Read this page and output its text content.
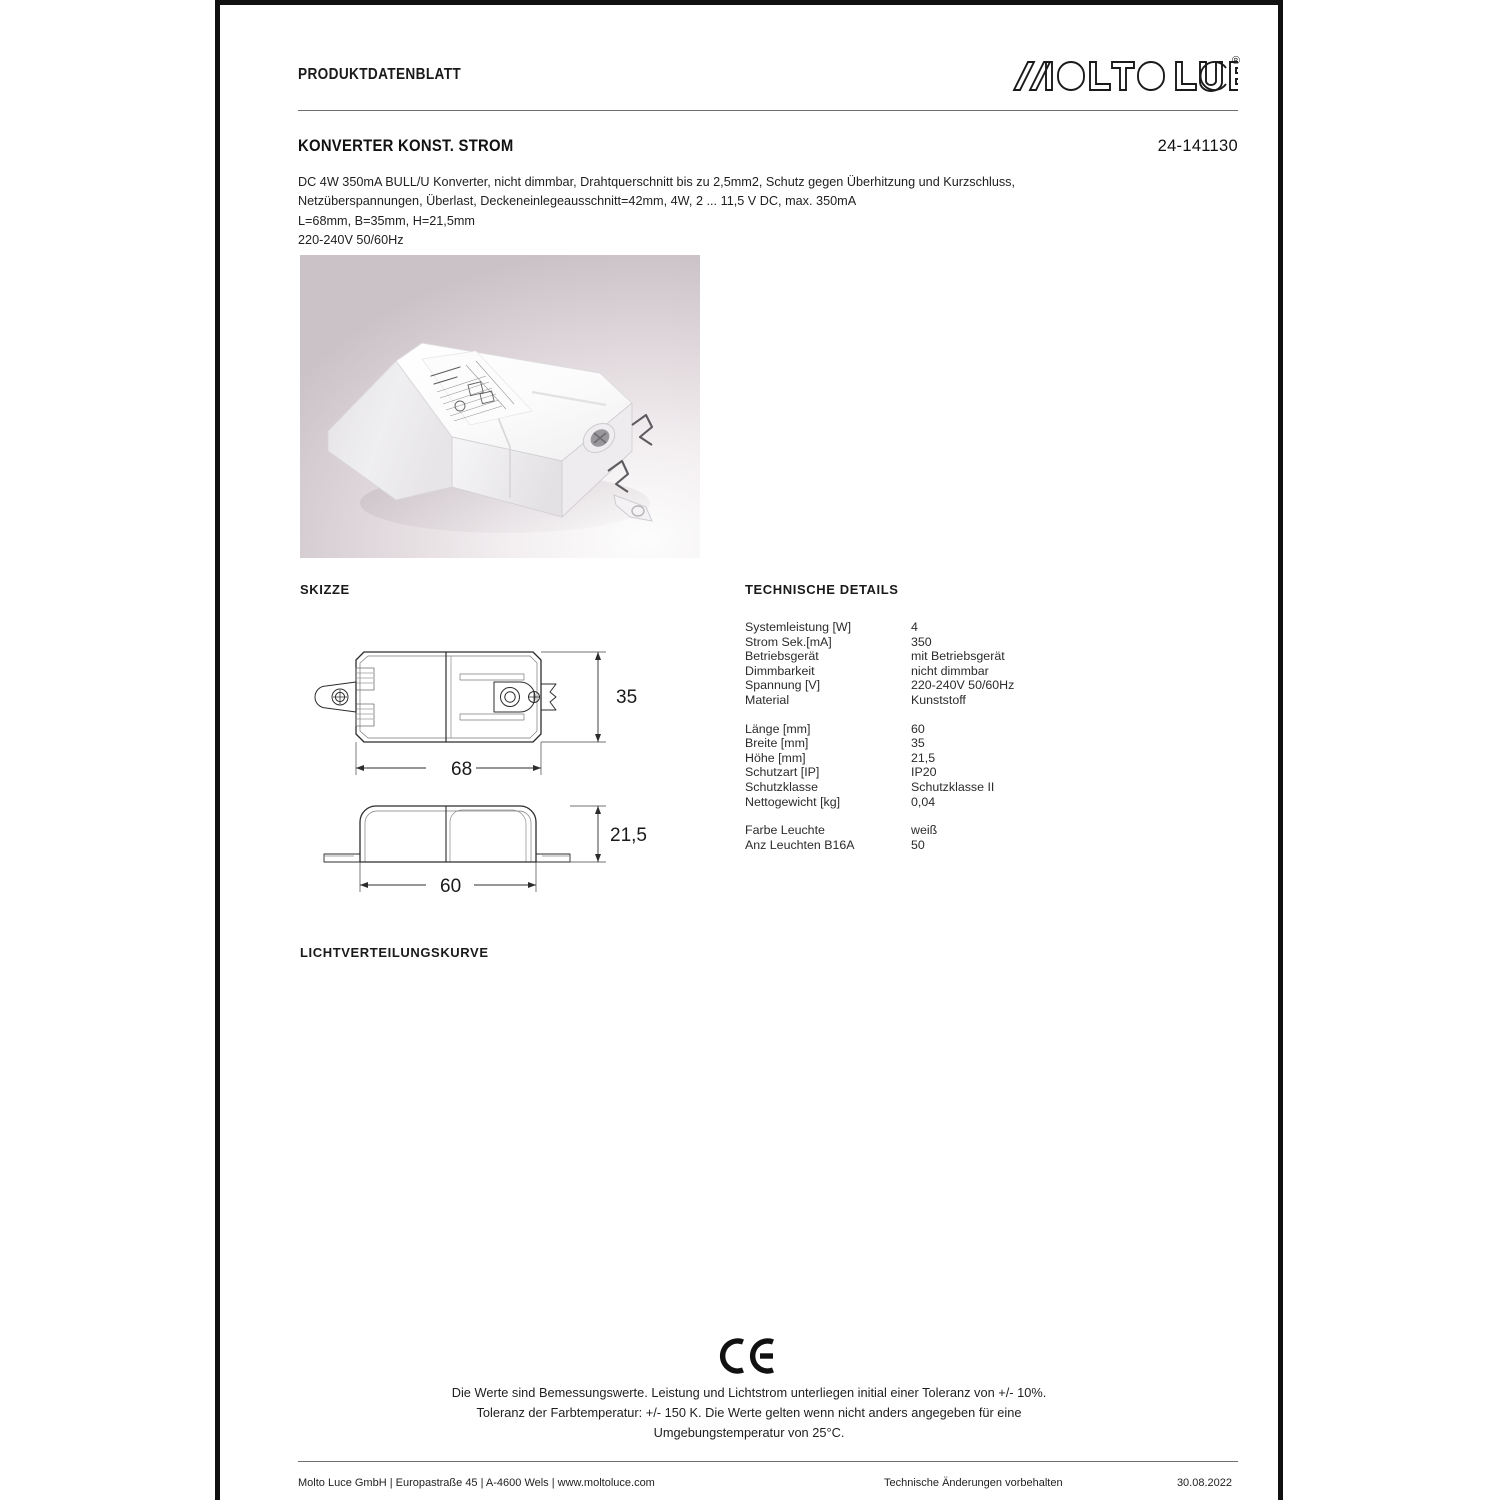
PRODUKTDATENBLATT
®
KONVERTER KONST. STROM	24-141130
DC 4W 350mA BULL/U Konverter, nicht dimmbar, Drahtquerschnitt bis zu 2,5mm2, Schutz gegen Überhitzung und Kurzschluss,
Netzüberspannungen, Überlast, Deckeneinlegeausschnitt=42mm, 4W, 2 ... 11,5 V DC, max. 350mA
L=68mm, B=35mm, H=21,5mm
220-240V 50/60Hz
SKIZZE	TECHNISCHE DETAILS
LICHTVERTEILUNGSKURVE
35
68
21,5
60
Systemleistung [W]	4
Strom Sek.[mA]	350
Betriebsgerät	mit Betriebsgerät
Dimmbarkeit	nicht dimmbar
Spannung [V]	220-240V 50/60Hz
Material	Kunststoff
Länge [mm]	60
Breite [mm]	35
Höhe [mm]	21,5
Schutzart [IP]	IP20
Schutzklasse	Schutzklasse II
Nettogewicht [kg]	0,04
Farbe Leuchte	weiß
Anz Leuchten B16A	50
Die Werte sind Bemessungswerte. Leistung und Lichtstrom unterliegen initial einer Toleranz von +/- 10%.
Toleranz der Farbtemperatur: +/- 150 K. Die Werte gelten wenn nicht anders angegeben für eine
Umgebungstemperatur von 25°C.
Molto Luce GmbH | Europastraße 45 | A-4600 Wels | www.moltoluce.com	Technische Änderungen vorbehalten	30.08.2022
